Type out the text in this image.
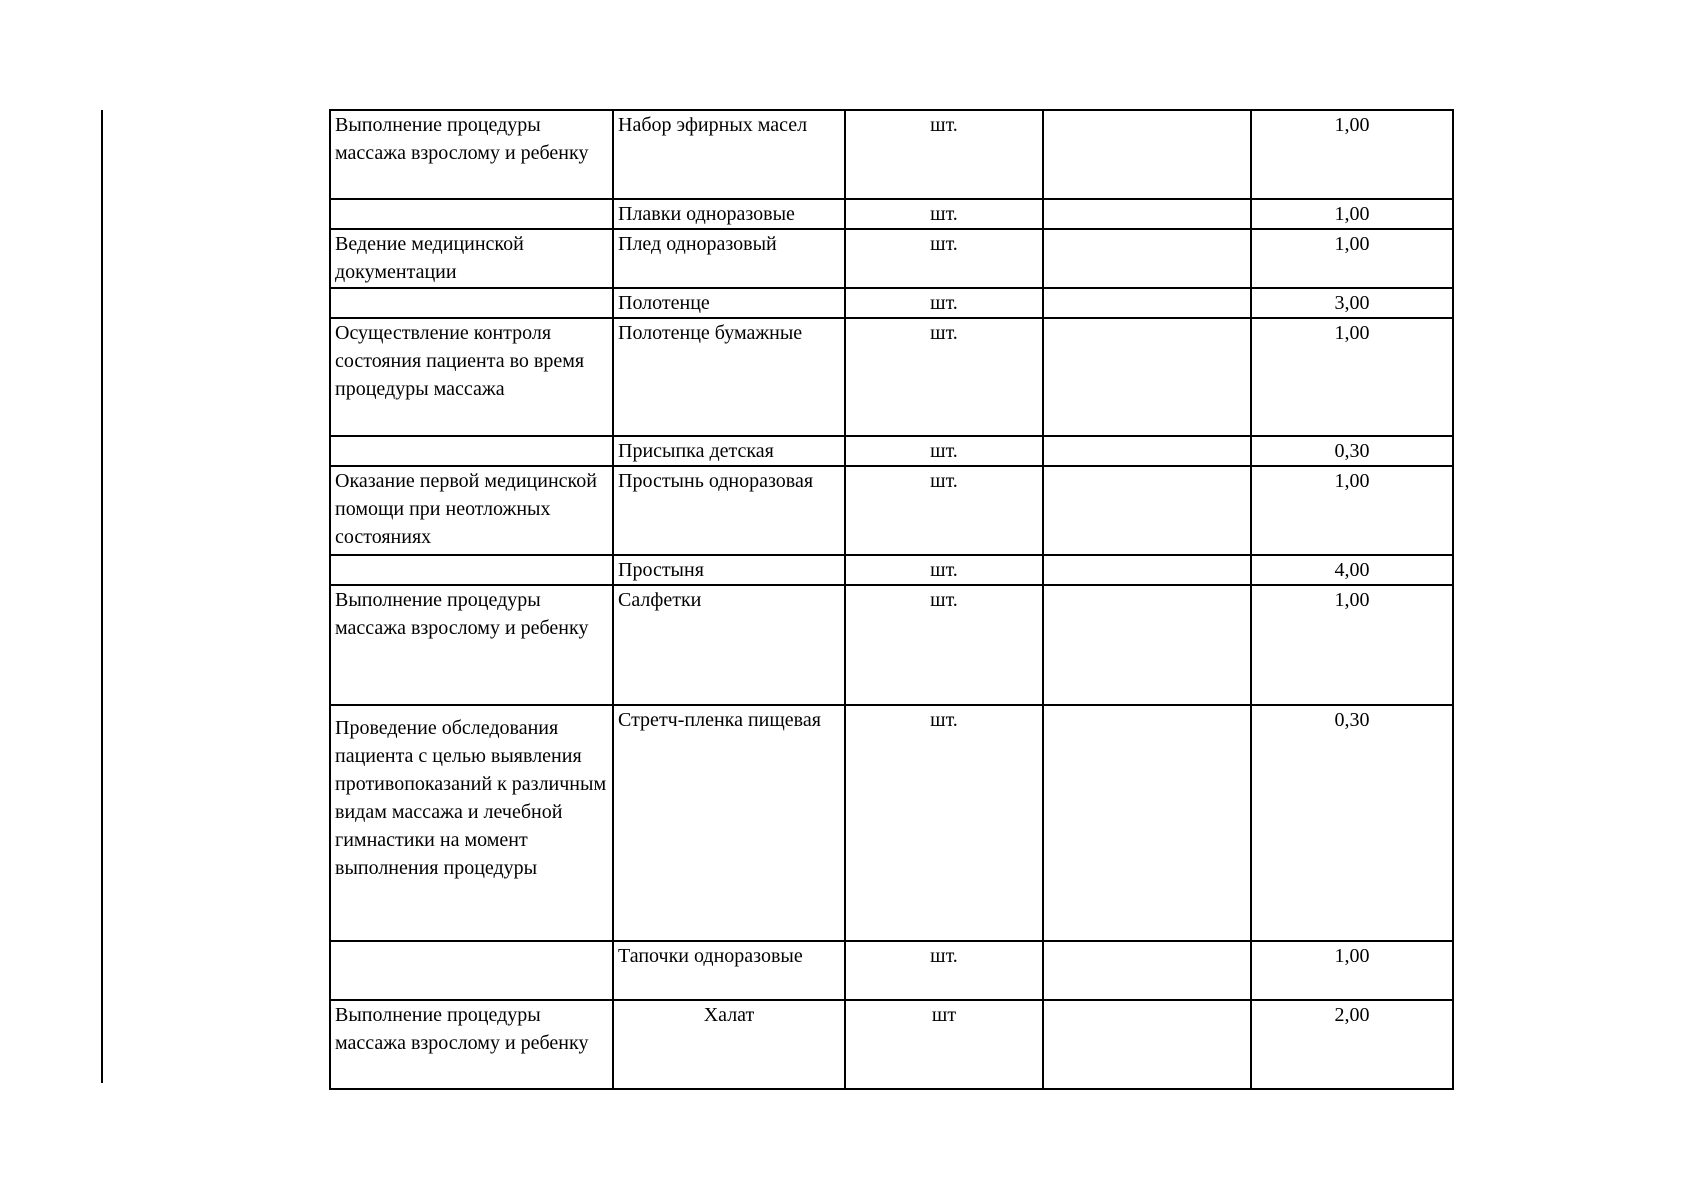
Выполнение процедуры массажа взрослому и ребенку	Набор эфирных масел	шт.		1,00
	Плавки одноразовые	шт.		1,00
Ведение медицинской документации	Плед одноразовый	шт.		1,00
	Полотенце	шт.		3,00
Осуществление контроля состояния пациента во время процедуры массажа	Полотенце бумажные	шт.		1,00
	Присыпка детская	шт.		0,30
Оказание первой медицинской помощи при неотложных состояниях	Простынь одноразовая	шт.		1,00
	Простыня	шт.		4,00
Выполнение процедуры массажа взрослому и ребенку	Салфетки	шт.		1,00
Проведение обследования пациента с целью выявления противопоказаний к различным видам массажа и лечебной гимнастики на момент выполнения процедуры	Стретч-пленка пищевая	шт.		0,30
	Тапочки одноразовые	шт.		1,00
Выполнение процедуры массажа взрослому и ребенку	Халат	шт		2,00
